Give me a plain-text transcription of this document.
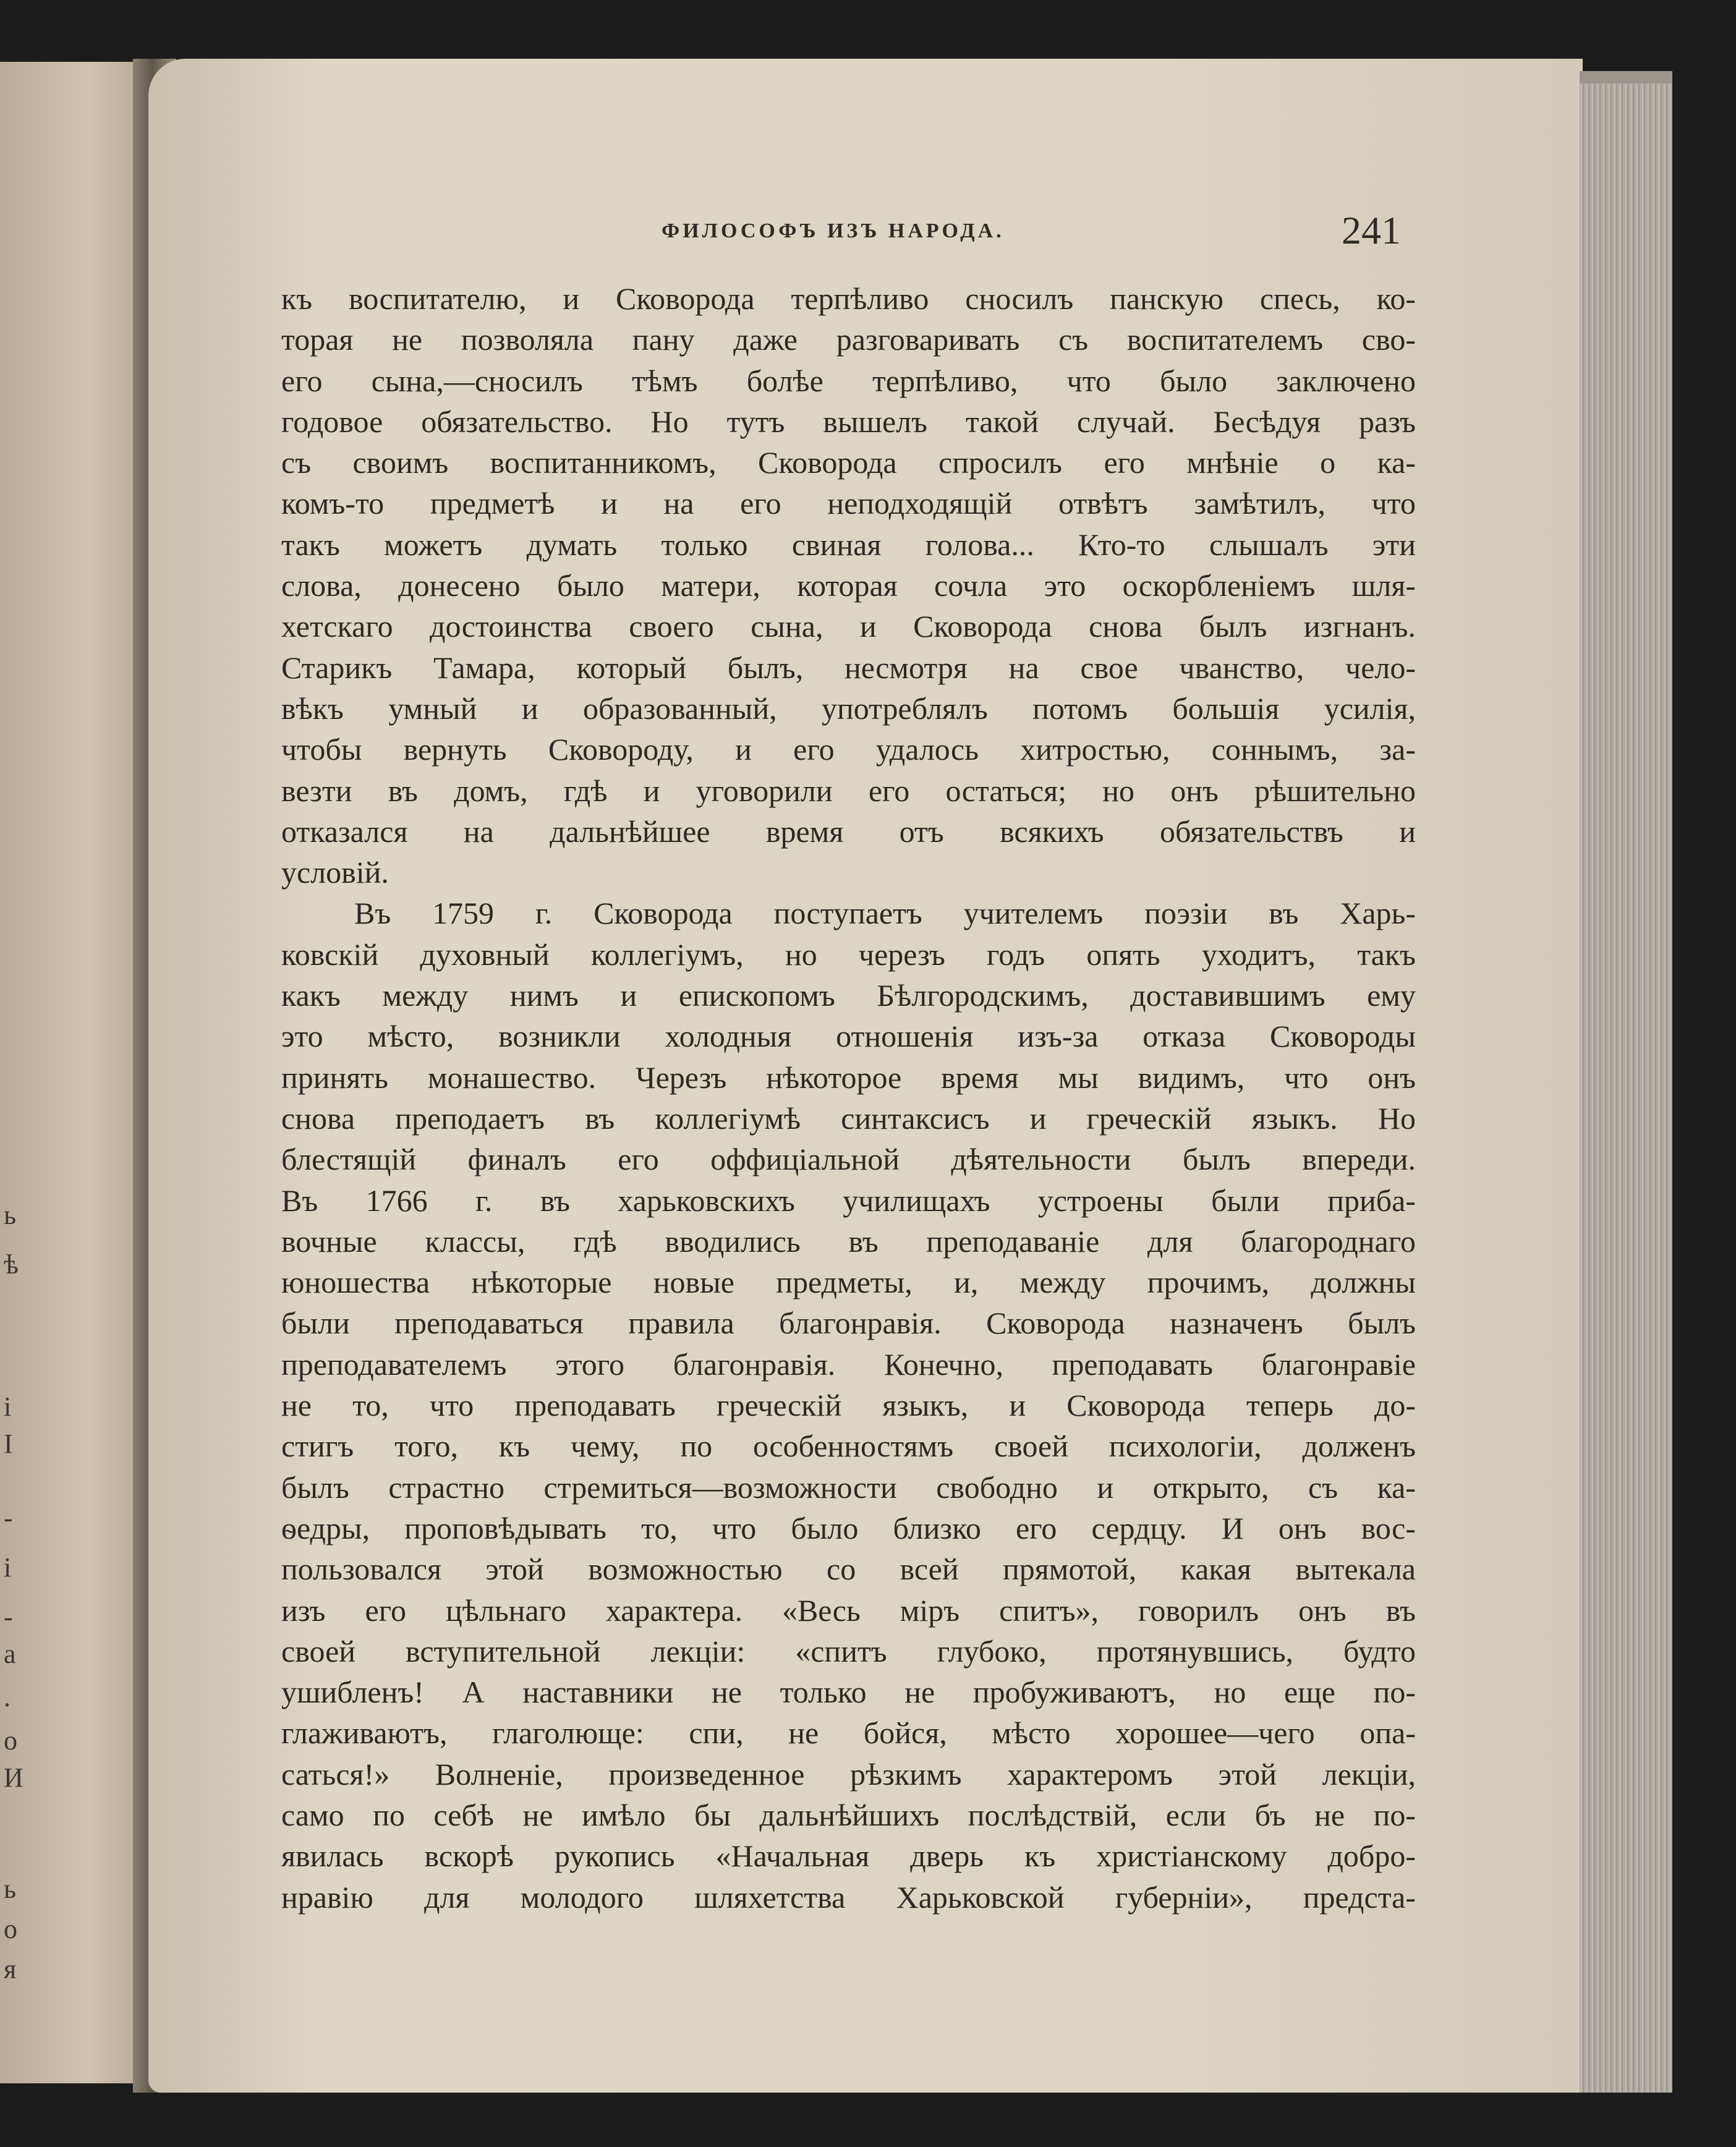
ь
ѣ
і
I
-
і
-
а
.
о
И
ь
о
я
ФИЛОСОФЪ ИЗЪ НАРОДА.	241
къ воспитателю, и Сковорода терпѣливо сносилъ панскую спесь, ко-
торая не позволяла пану даже разговаривать съ воспитателемъ сво-
его сына,—сносилъ тѣмъ болѣе терпѣливо, что было заключено
годовое обязательство. Но тутъ вышелъ такой случай. Бесѣдуя разъ
съ своимъ воспитанникомъ, Сковорода спросилъ его мнѣніе о ка-
комъ-то предметѣ и на его неподходящій отвѣтъ замѣтилъ, что
такъ можетъ думать только свиная голова... Кто-то слышалъ эти
слова, донесено было матери, которая сочла это оскорбленіемъ шля-
хетскаго достоинства своего сына, и Сковорода снова былъ изгнанъ.
Старикъ Тамара, который былъ, несмотря на свое чванство, чело-
вѣкъ умный и образованный, употреблялъ потомъ большія усилія,
чтобы вернуть Сковороду, и его удалось хитростью, соннымъ, за-
везти въ домъ, гдѣ и уговорили его остаться; но онъ рѣшительно
отказался на дальнѣйшее время отъ всякихъ обязательствъ и
условій.
Въ 1759 г. Сковорода поступаетъ учителемъ поэзіи въ Харь-
ковскій духовный коллегіумъ, но черезъ годъ опять уходитъ, такъ
какъ между нимъ и епископомъ Бѣлгородскимъ, доставившимъ ему
это мѣсто, возникли холодныя отношенія изъ-за отказа Сковороды
принять монашество. Черезъ нѣкоторое время мы видимъ, что онъ
снова преподаетъ въ коллегіумѣ синтаксисъ и греческій языкъ. Но
блестящій финалъ его оффиціальной дѣятельности былъ впереди.
Въ 1766 г. въ харьковскихъ училищахъ устроены были приба-
вочные классы, гдѣ вводились въ преподаваніе для благороднаго
юношества нѣкоторые новые предметы, и, между прочимъ, должны
были преподаваться правила благонравія. Сковорода назначенъ былъ
преподавателемъ этого благонравія. Конечно, преподавать благонравіе
не то, что преподавать греческій языкъ, и Сковорода теперь до-
стигъ того, къ чему, по особенностямъ своей психологіи, долженъ
былъ страстно стремиться—возможности свободно и открыто, съ ка-
ѳедры, проповѣдывать то, что было близко его сердцу. И онъ вос-
пользовался этой возможностью со всей прямотой, какая вытекала
изъ его цѣльнаго характера. «Весь міръ спитъ», говорилъ онъ въ
своей вступительной лекціи: «спитъ глубоко, протянувшись, будто
ушибленъ! А наставники не только не пробуживаютъ, но еще по-
глаживаютъ, глаголюще: спи, не бойся, мѣсто хорошее—чего опа-
саться!» Волненіе, произведенное рѣзкимъ характеромъ этой лекціи,
само по себѣ не имѣло бы дальнѣйшихъ послѣдствій, если бъ не по-
явилась вскорѣ рукопись «Начальная дверь къ христіанскому добро-
нравію для молодого шляхетства Харьковской губерніи», предста-
